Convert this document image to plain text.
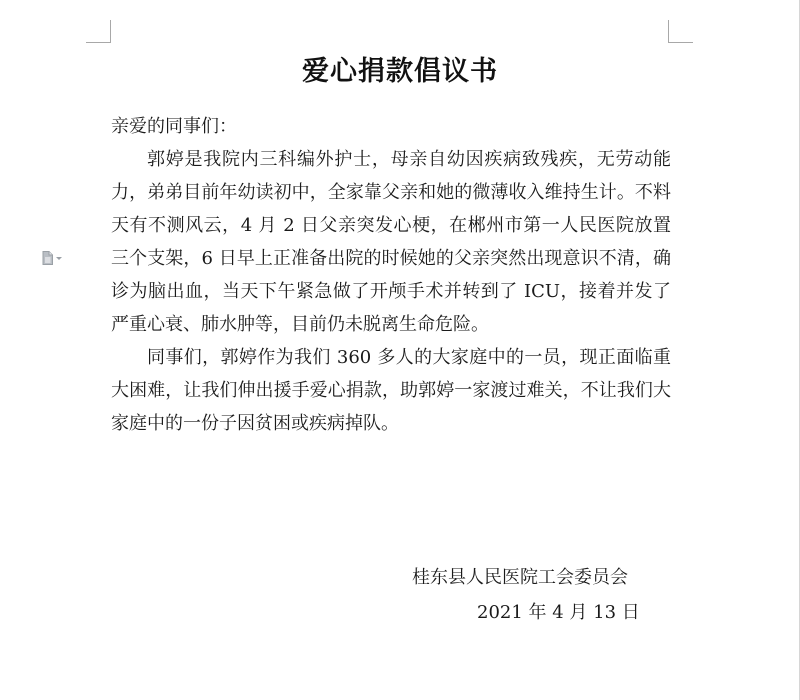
爱心捐款倡议书

亲爱的同事们：

郭婷是我院内三科编外护士，母亲自幼因疾病致残疾，无劳动能力，弟弟目前年幼读初中，全家靠父亲和她的微薄收入维持生计。不料天有不测风云，4 月 2 日父亲突发心梗，在郴州市第一人民医院放置三个支架，6 日早上正准备出院的时候她的父亲突然出现意识不清，确诊为脑出血，当天下午紧急做了开颅手术并转到了 ICU，接着并发了严重心衰、肺水肿等，目前仍未脱离生命危险。

同事们，郭婷作为我们 360 多人的大家庭中的一员，现正面临重大困难，让我们伸出援手爱心捐款，助郭婷一家渡过难关，不让我们大家庭中的一份子因贫困或疾病掉队。

桂东县人民医院工会委员会
2021 年 4 月 13 日
